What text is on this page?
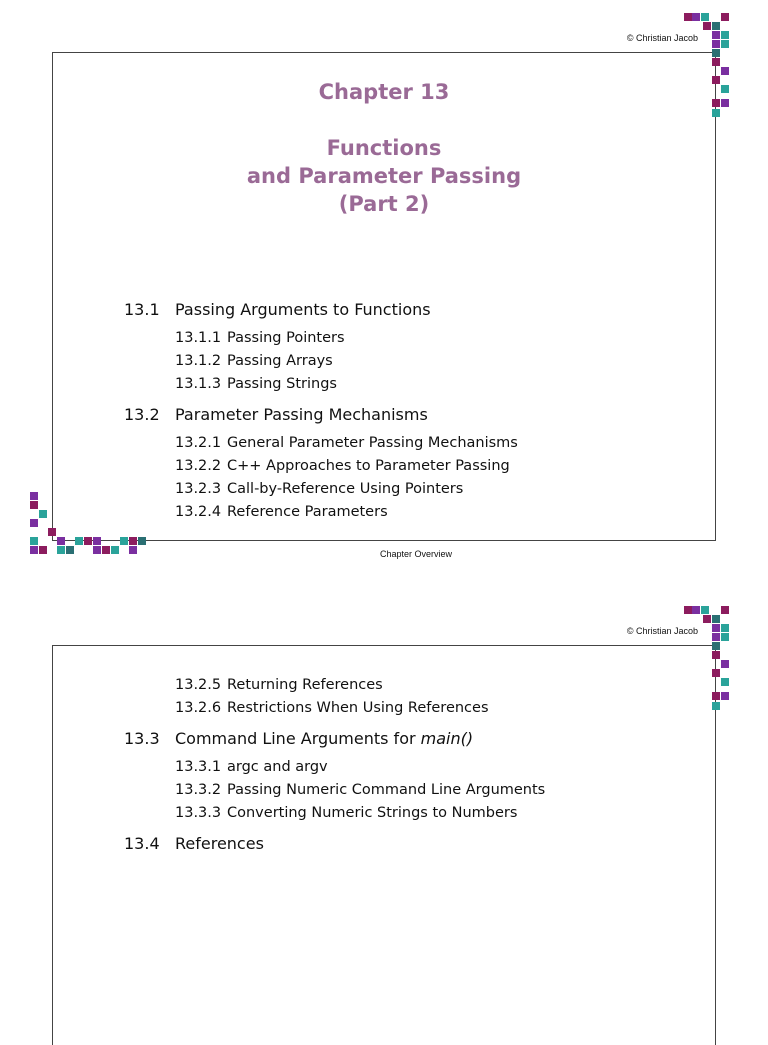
© Christian Jacob
Chapter 13
Functions
and Parameter Passing
(Part 2)
13.1 Passing Arguments to Functions
13.1.1 Passing Pointers
13.1.2 Passing Arrays
13.1.3 Passing Strings
13.2 Parameter Passing Mechanisms
13.2.1 General Parameter Passing Mechanisms
13.2.2 C++ Approaches to Parameter Passing
13.2.3 Call-by-Reference Using Pointers
13.2.4 Reference Parameters
Chapter Overview
© Christian Jacob
13.2.5 Returning References
13.2.6 Restrictions When Using References
13.3 Command Line Arguments for main()
13.3.1 argc and argv
13.3.2 Passing Numeric Command Line Arguments
13.3.3 Converting Numeric Strings to Numbers
13.4 References
